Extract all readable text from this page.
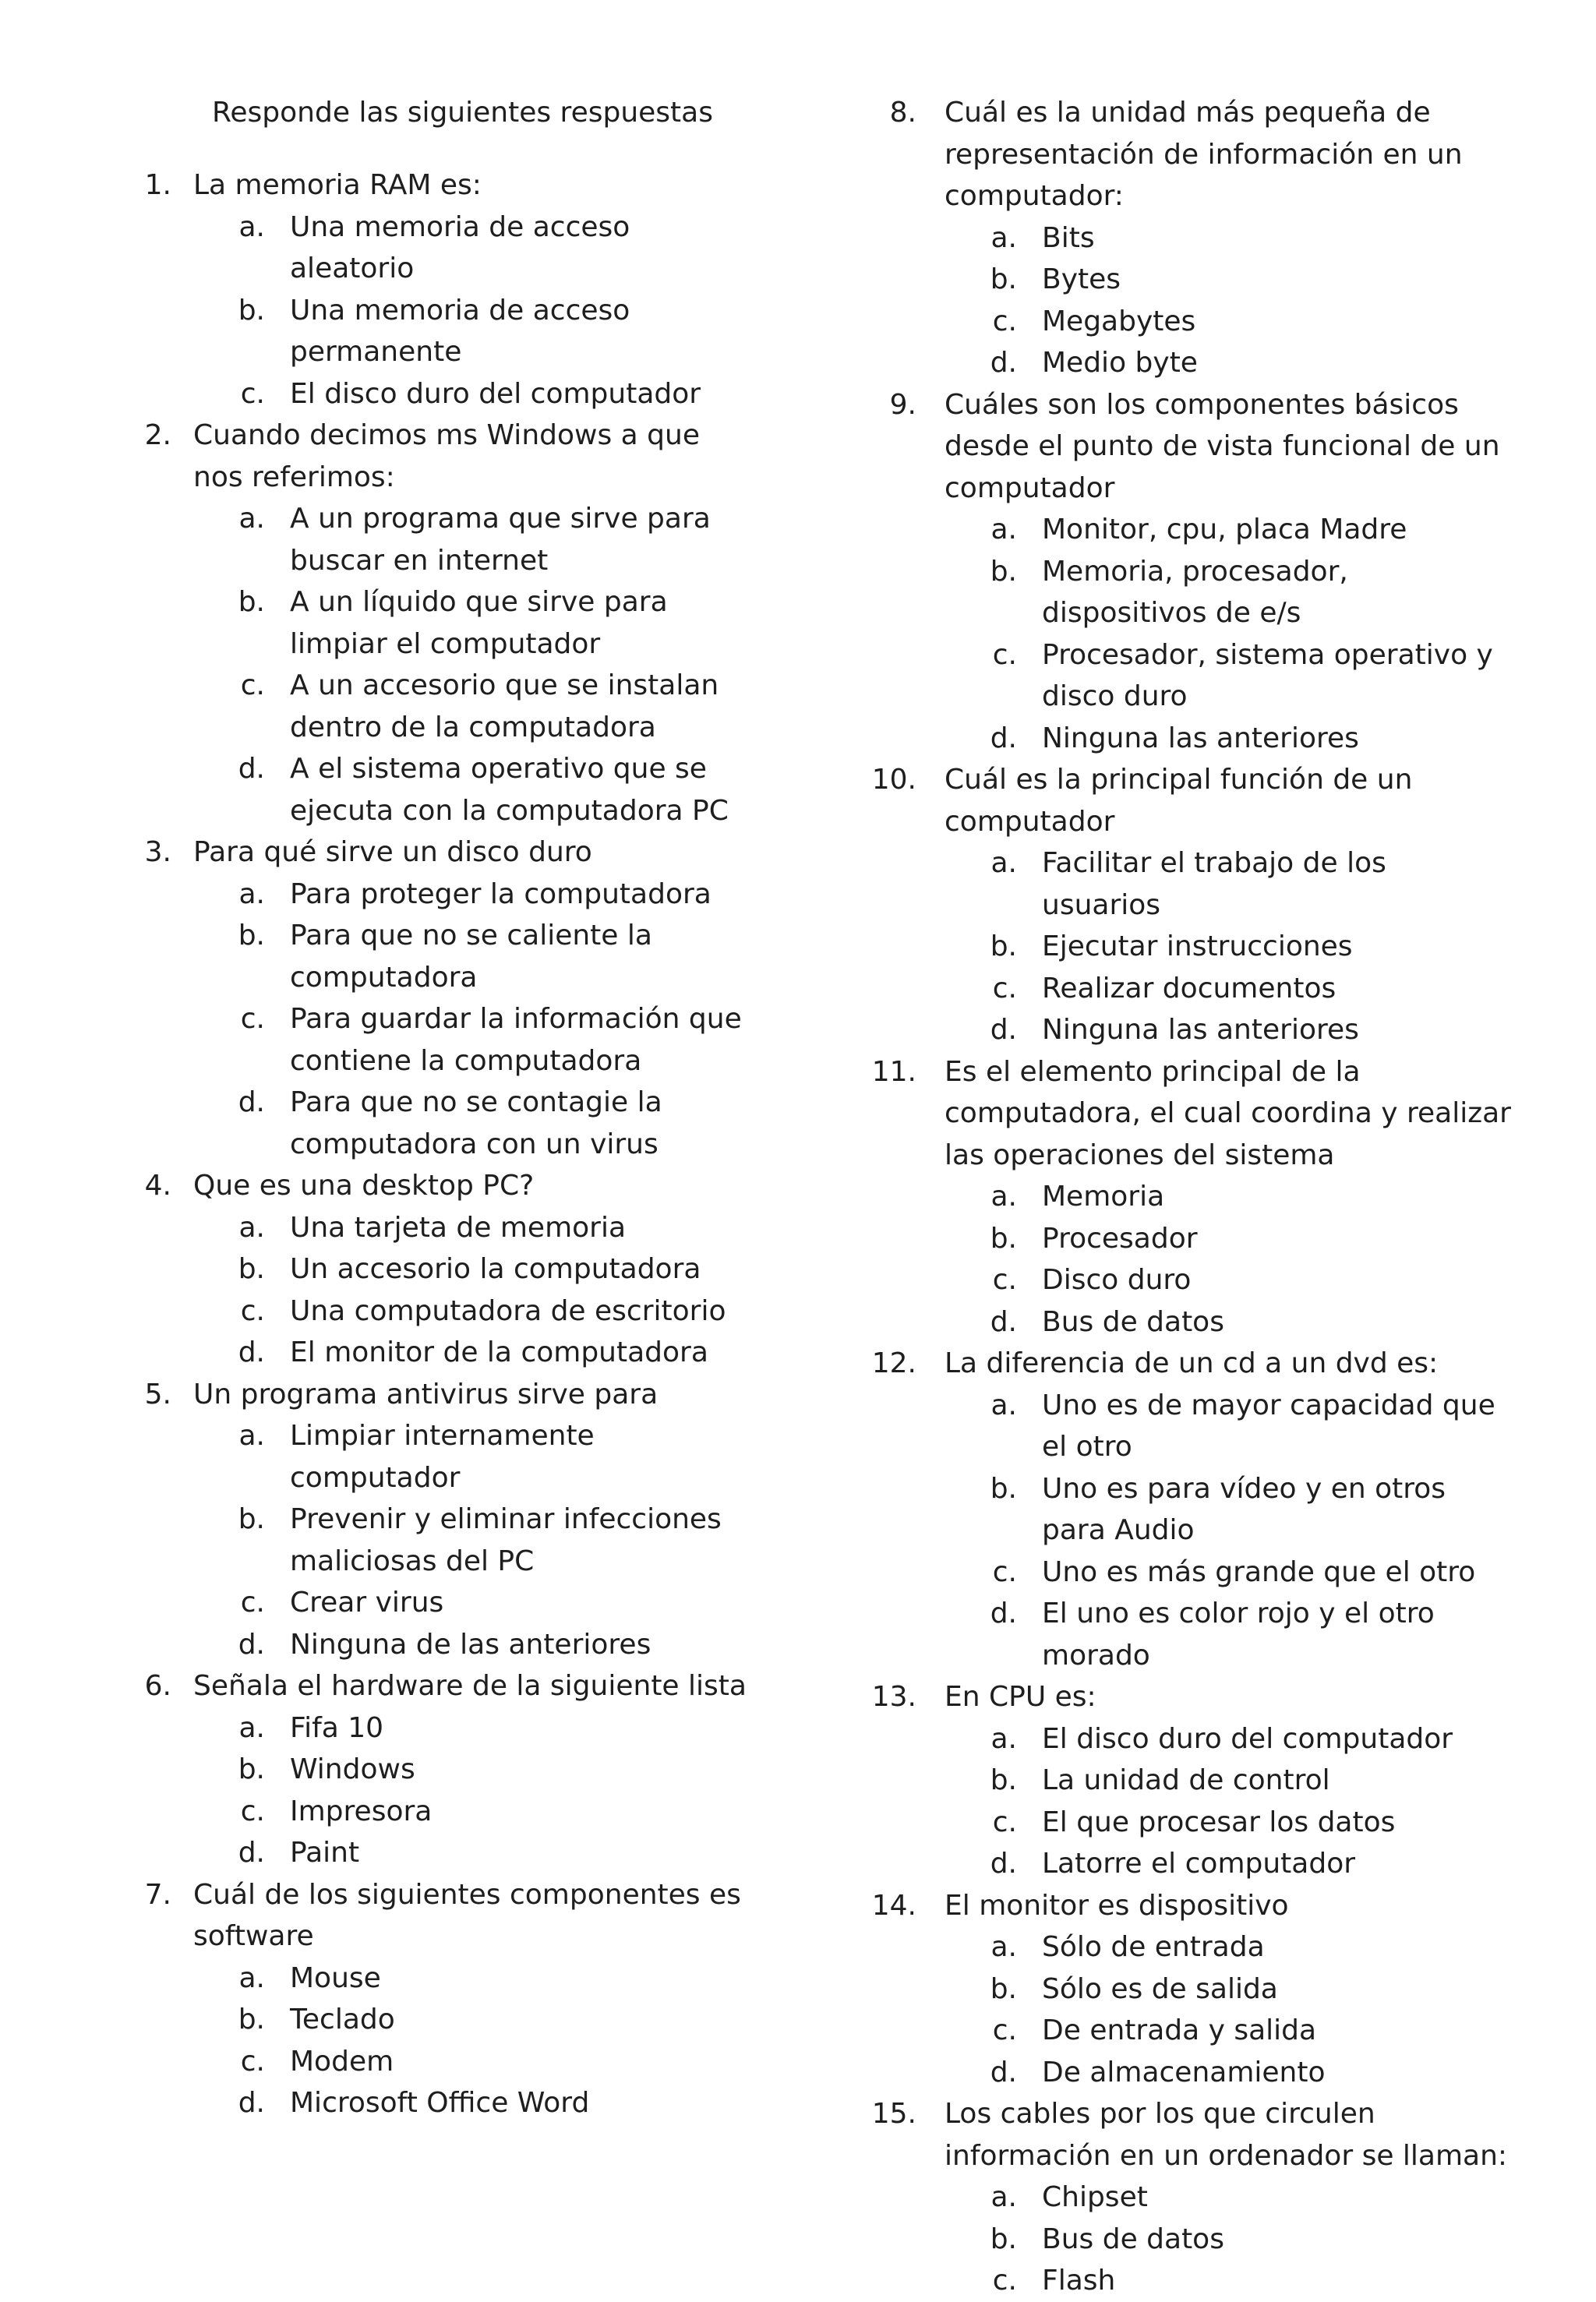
Responde las siguientes respuestas
1. La memoria RAM es:
a. Una memoria de acceso aleatorio
b. Una memoria de acceso permanente
c. El disco duro del computador
2. Cuando decimos ms Windows a que nos referimos:
a. A un programa que sirve para buscar en internet
b. A un líquido que sirve para limpiar el computador
c. A un accesorio que se instalan dentro de la computadora
d. A el sistema operativo que se ejecuta con la computadora PC
3. Para qué sirve un disco duro
a. Para proteger la computadora
b. Para que no se caliente la computadora
c. Para guardar la información que contiene la computadora
d. Para que no se contagie la computadora con un virus
4. Que es una desktop PC?
a. Una tarjeta de memoria
b. Un accesorio la computadora
c. Una computadora de escritorio
d. El monitor de la computadora
5. Un programa antivirus sirve para
a. Limpiar internamente computador
b. Prevenir y eliminar infecciones maliciosas del PC
c. Crear virus
d. Ninguna de las anteriores
6. Señala el hardware de la siguiente lista
a. Fifa 10
b. Windows
c. Impresora
d. Paint
7. Cuál de los siguientes componentes es software
a. Mouse
b. Teclado
c. Modem
d. Microsoft Office Word
8. Cuál es la unidad más pequeña de representación de información en un computador:
a. Bits
b. Bytes
c. Megabytes
d. Medio byte
9. Cuáles son los componentes básicos desde el punto de vista funcional de un computador
a. Monitor, cpu, placa Madre
b. Memoria, procesador, dispositivos de e/s
c. Procesador, sistema operativo y disco duro
d. Ninguna las anteriores
10. Cuál es la principal función de un computador
a. Facilitar el trabajo de los usuarios
b. Ejecutar instrucciones
c. Realizar documentos
d. Ninguna las anteriores
11. Es el elemento principal de la computadora, el cual coordina y realizar las operaciones del sistema
a. Memoria
b. Procesador
c. Disco duro
d. Bus de datos
12. La diferencia de un cd a un dvd es:
a. Uno es de mayor capacidad que el otro
b. Uno es para vídeo y en otros para Audio
c. Uno es más grande que el otro
d. El uno es color rojo y el otro morado
13. En CPU es:
a. El disco duro del computador
b. La unidad de control
c. El que procesar los datos
d. Latorre el computador
14. El monitor es dispositivo
a. Sólo de entrada
b. Sólo es de salida
c. De entrada y salida
d. De almacenamiento
15. Los cables por los que circulen información en un ordenador se llaman:
a. Chipset
b. Bus de datos
c. Flash
